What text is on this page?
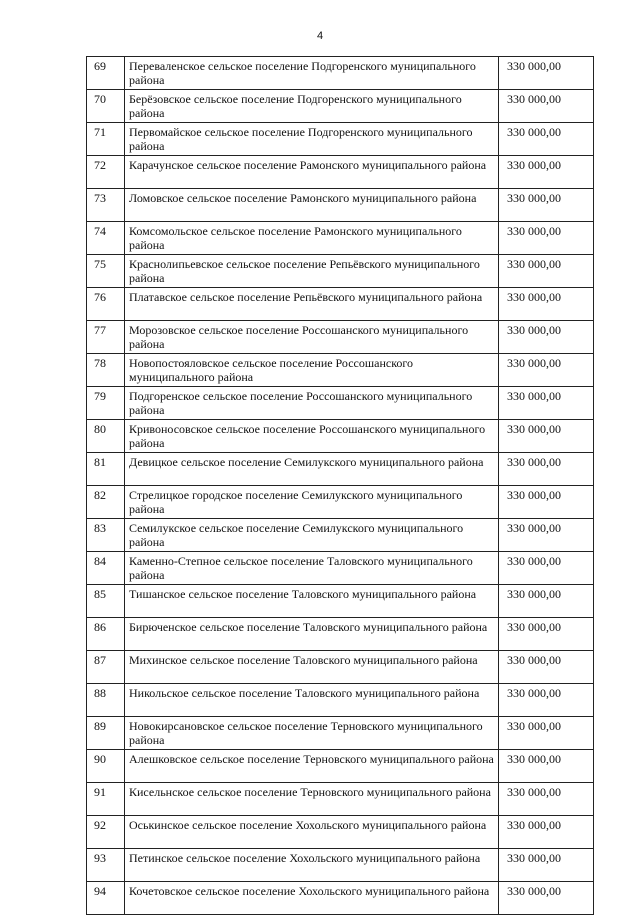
4
69	Переваленское сельское поселение Подгоренского муниципального района	330 000,00

70	Берёзовское сельское поселение Подгоренского муниципального района	330 000,00

71	Первомайское сельское поселение Подгоренского муниципального района	330 000,00

72	Карачунское сельское поселение Рамонского муниципального района	330 000,00

73	Ломовское сельское поселение Рамонского муниципального района	330 000,00

74	Комсомольское сельское поселение Рамонского муниципального района	330 000,00

75	Краснолипьевское сельское поселение Репьёвского муниципального района	330 000,00

76	Платавское сельское поселение Репьёвского муниципального района	330 000,00

77	Морозовское сельское поселение Россошанского муниципального района	330 000,00

78	Новопостояловское сельское поселение Россошанского муниципального района	330 000,00

79	Подгоренское сельское поселение Россошанского муниципального района	330 000,00

80	Кривоносовское сельское поселение Россошанского муниципального района	330 000,00

81	Девицкое сельское поселение Семилукского муниципального района	330 000,00

82	Стрелицкое городское поселение Семилукского муниципального района	330 000,00

83	Семилукское сельское поселение Семилукского муниципального района	330 000,00

84	Каменно-Степное сельское поселение Таловского муниципального района	330 000,00

85	Тишанское сельское поселение Таловского муниципального района	330 000,00

86	Бирюченское сельское поселение Таловского муниципального района	330 000,00

87	Михинское сельское поселение Таловского муниципального района	330 000,00

88	Никольское сельское поселение Таловского муниципального района	330 000,00

89	Новокирсановское сельское поселение Терновского муниципального района	330 000,00

90	Алешковское сельское поселение Терновского муниципального района	330 000,00

91	Кисельнское сельское поселение Терновского муниципального района	330 000,00

92	Оськинское сельское поселение Хохольского муниципального района	330 000,00

93	Петинское сельское поселение Хохольского муниципального района	330 000,00

94	Кочетовское сельское поселение Хохольского муниципального района	330 000,00
